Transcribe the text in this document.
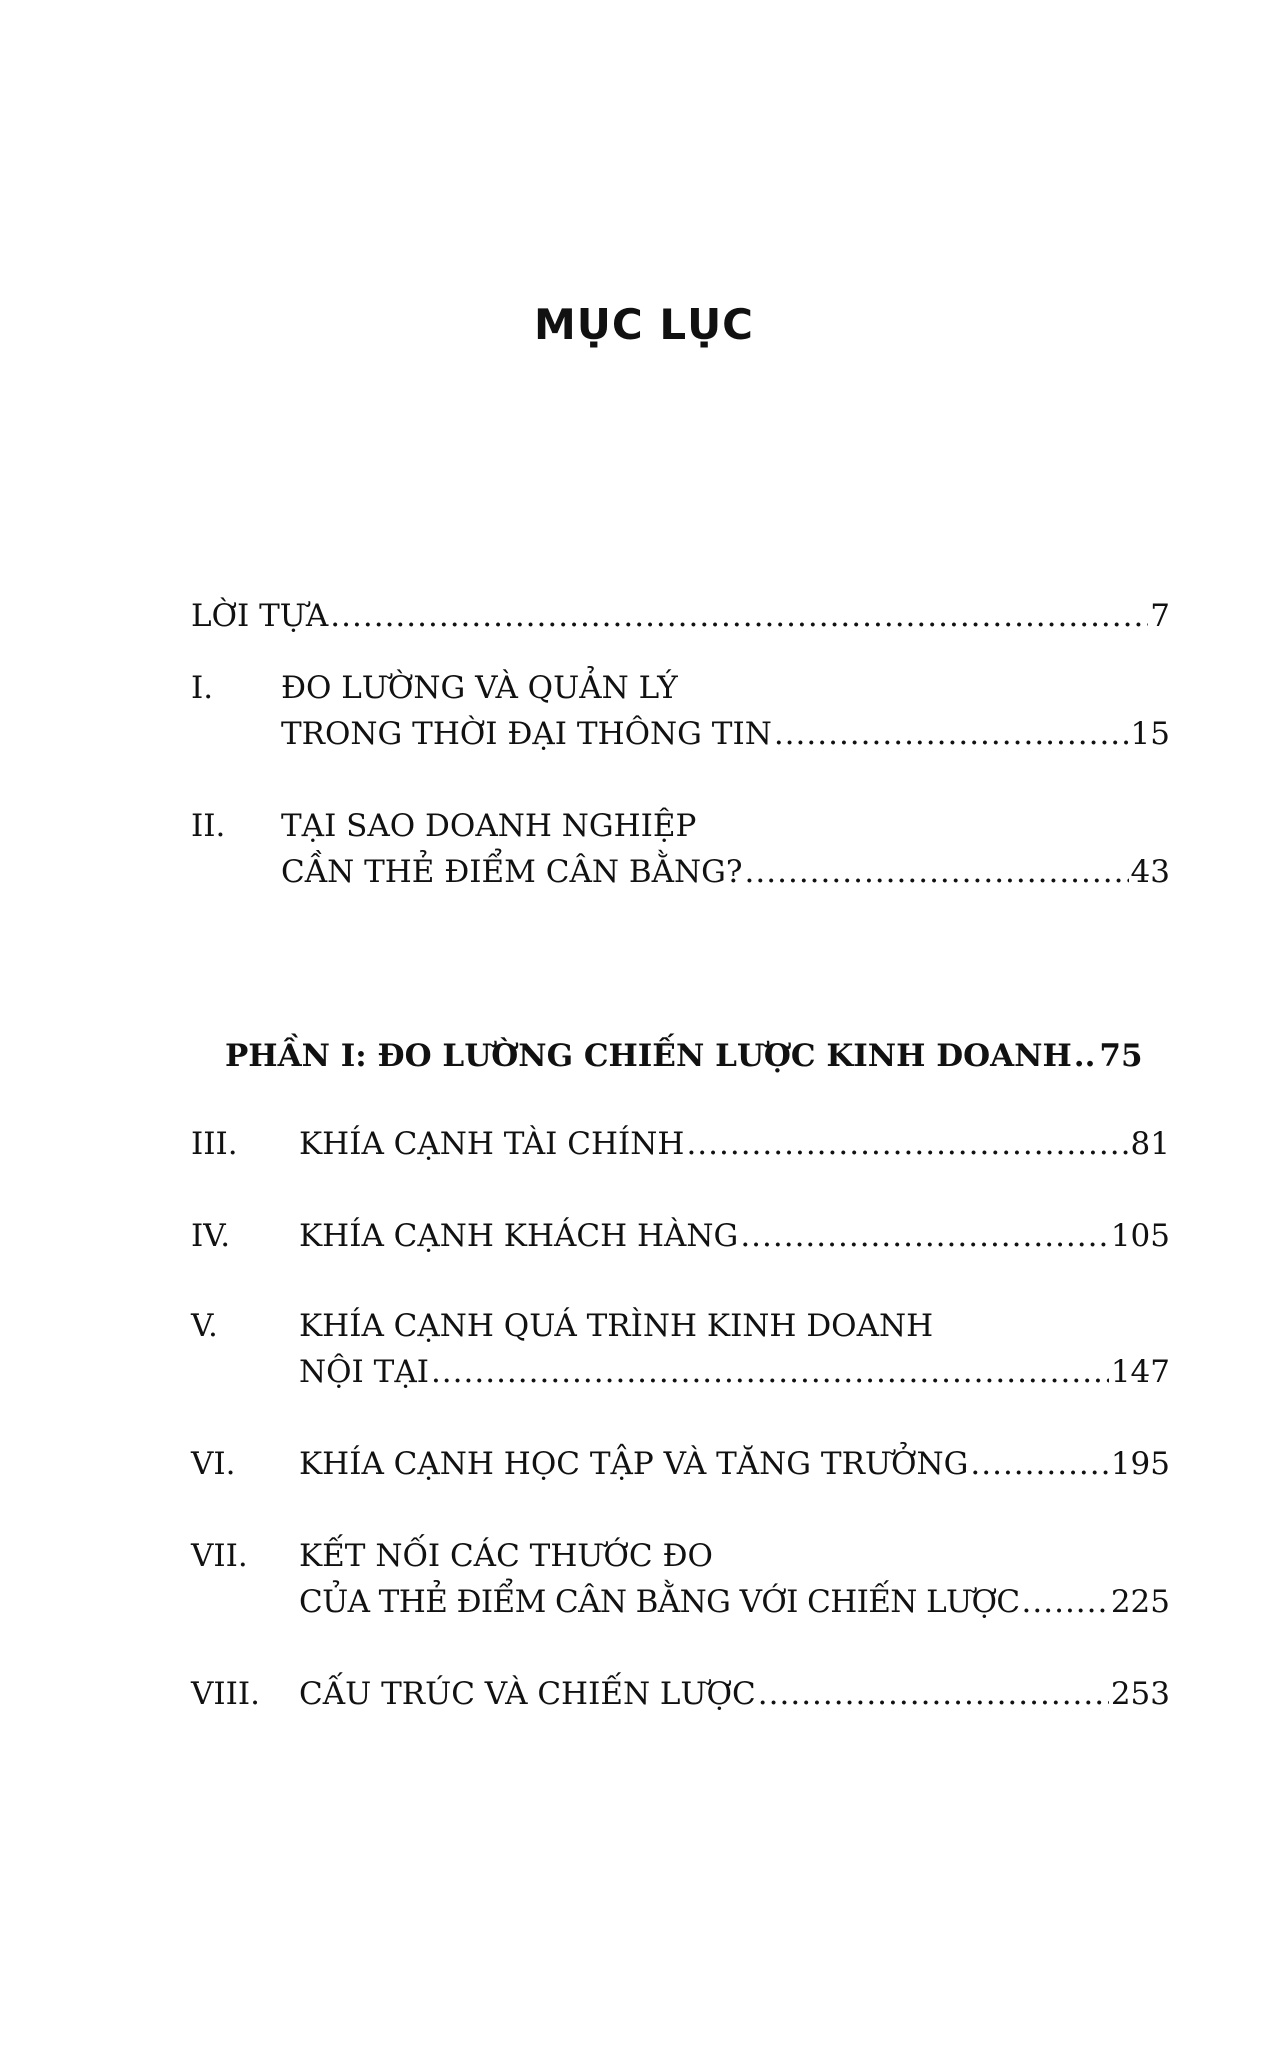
MỤC LỤC
LỜI TỰA .....	7
I. ĐO LƯỜNG VÀ QUẢN LÝ
TRONG THỜI ĐẠI THÔNG TIN .....	15
II. TẠI SAO DOANH NGHIỆP
CẦN THẺ ĐIỂM CÂN BẰNG? .....	43
PHẦN I: ĐO LƯỜNG CHIẾN LƯỢC KINH DOANH .. 75
III. KHÍA CẠNH TÀI CHÍNH .....	81
IV. KHÍA CẠNH KHÁCH HÀNG .....	105
V.	KHÍA CẠNH QUÁ TRÌNH KINH DOANH
NỘI TẠI .....	147
VI. KHÍA CẠNH HỌC TẬP VÀ TĂNG TRƯỞNG .....	195
VII. KẾT NỐI CÁC THƯỚC ĐO
CỦA THẺ ĐIỂM CÂN BẰNG VỚI CHIẾN LƯỢC .....	225
VIII. CẤU TRÚC VÀ CHIẾN LƯỢC .....	253
